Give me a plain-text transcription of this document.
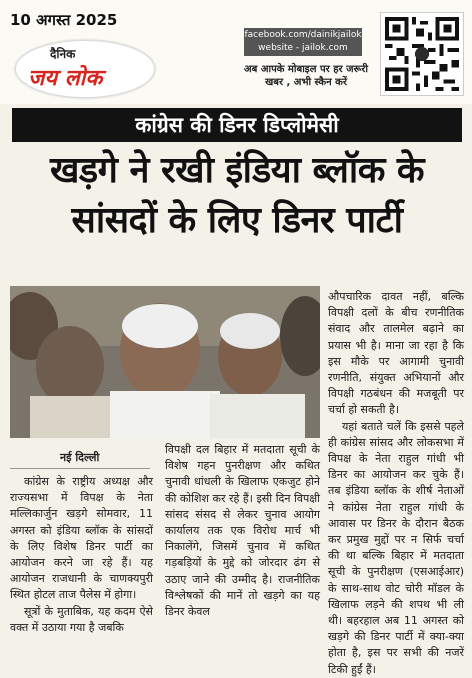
10 अगस्त 2025
दैनिक
जय लोक
facebook.com/dainikjailok
website - jailok.com
अब आपके मोबाइल पर हर जरूरी खबर , अभी स्कैन करें
कांग्रेस की डिनर डिप्लोमेसी
खड़गे ने रखी इंडिया ब्लॉक के
सांसदों के लिए डिनर पार्टी
नई दिल्ली

कांग्रेस के राष्ट्रीय अध्यक्ष और राज्यसभा में विपक्ष के नेता मल्लिकार्जुन खड़गे सोमवार, 11 अगस्त को इंडिया ब्लॉक के सांसदों के लिए विशेष डिनर पार्टी का आयोजन करने जा रहे हैं। यह आयोजन राजधानी के चाणक्यपुरी स्थित होटल ताज पैलेस में होगा।

सूत्रों के मुताबिक, यह कदम ऐसे वक्त में उठाया गया है जबकि

विपक्षी दल बिहार में मतदाता सूची के विशेष गहन पुनरीक्षण और कथित चुनावी धांधली के खिलाफ एकजुट होने की कोशिश कर रहे हैं। इसी दिन विपक्षी सांसद संसद से लेकर चुनाव आयोग कार्यालय तक एक विरोध मार्च भी निकालेंगे, जिसमें चुनाव में कथित गड़बड़ियों के मुद्दे को जोरदार ढंग से उठाए जाने की उम्मीद है। राजनीतिक विश्लेषकों की मानें तो खड़गे का यह डिनर केवल

औपचारिक दावत नहीं, बल्कि विपक्षी दलों के बीच रणनीतिक संवाद और तालमेल बढ़ाने का प्रयास भी है। माना जा रहा है कि इस मौके पर आगामी चुनावी रणनीति, संयुक्त अभियानों और विपक्षी गठबंधन की मजबूती पर चर्चा हो सकती है।

यहां बताते चलें कि इससे पहले ही कांग्रेस सांसद और लोकसभा में विपक्ष के नेता राहुल गांधी भी डिनर का आयोजन कर चुके हैं। तब इंडिया ब्लॉक के शीर्ष नेताओं ने कांग्रेस नेता राहुल गांधी के आवास पर डिनर के दौरान बैठक कर प्रमुख मुद्दों पर न सिर्फ चर्चा की था बल्कि बिहार में मतदाता सूची के पुनरीक्षण (एसआईआर) के साथ-साथ वोट चोरी मॉडल के खिलाफ लड़ने की शपथ भी ली थी। बहरहाल अब 11 अगस्त को खड़गे की डिनर पार्टी में क्या-क्या होता है, इस पर सभी की नजरें टिकी हुईं हैं।
